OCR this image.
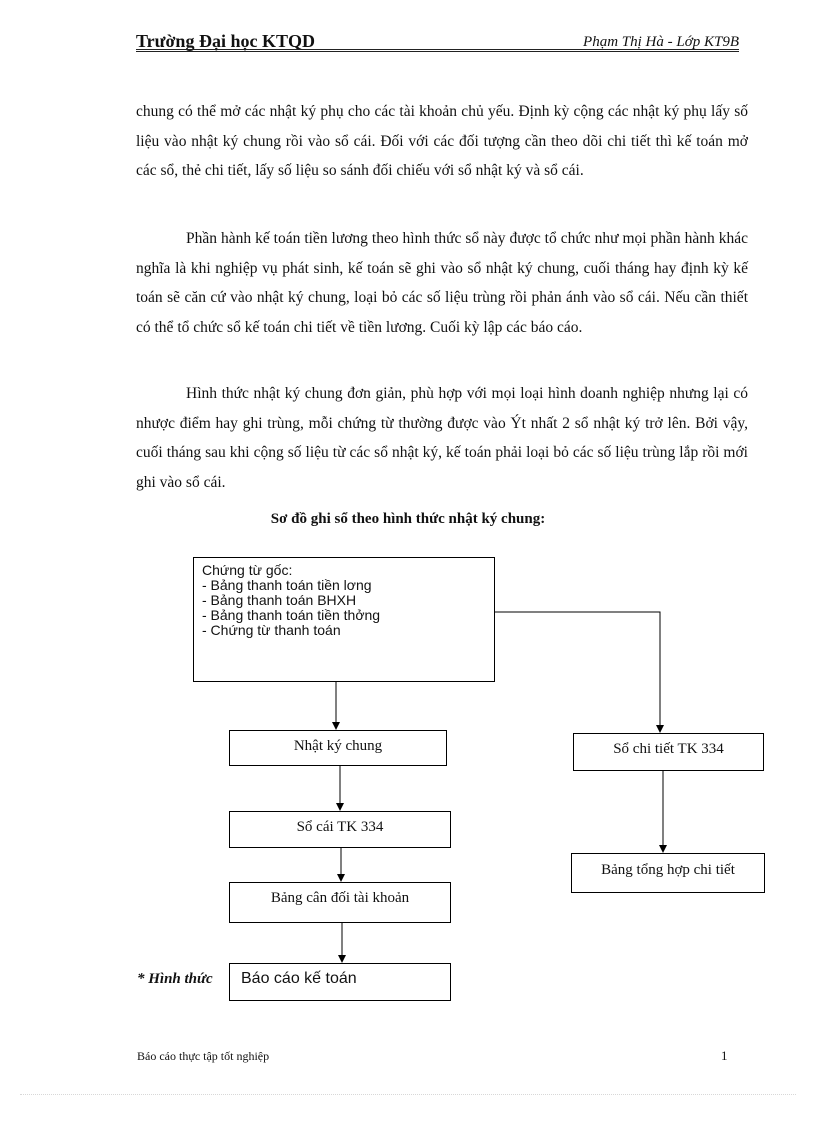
Trường Đại học KTQD	Phạm Thị Hà - Lớp KT9B

chung có thể mở các nhật ký phụ cho các tài khoản chủ yếu. Định kỳ cộng các nhật ký phụ lấy số liệu vào nhật ký chung rồi vào sổ cái. Đối với các đối tượng cần theo dõi chi tiết thì kế toán mở các sổ, thẻ chi tiết, lấy số liệu so sánh đối chiếu với sổ nhật ký và sổ cái.

Phần hành kế toán tiền lương theo hình thức sổ này được tổ chức như mọi phần hành khác nghĩa là khi nghiệp vụ phát sinh, kế toán sẽ ghi vào sổ nhật ký chung, cuối tháng hay định kỳ kế toán sẽ căn cứ vào nhật ký chung, loại bỏ các số liệu trùng rồi phản ánh vào sổ cái. Nếu cần thiết có thể tổ chức sổ kế toán chi tiết về tiền lương. Cuối kỳ lập các báo cáo.

Hình thức nhật ký chung đơn giản, phù hợp với mọi loại hình doanh nghiệp nhưng lại có nhược điểm hay ghi trùng, mỗi chứng từ thường được vào Ýt nhất 2 sổ nhật ký trở lên. Bởi vậy, cuối tháng sau khi cộng số liệu từ các sổ nhật ký, kế toán phải loại bỏ các số liệu trùng lắp rồi mới ghi vào sổ cái.

Sơ đồ ghi sổ theo hình thức nhật ký chung:
Chứng từ gốc:
- Bảng thanh toán tiền lơng
- Bảng thanh toán BHXH
- Bảng thanh toán tiền thởng
- Chứng từ thanh toán
Nhật ký chung
Sổ cái TK 334
Bảng cân đối tài khoản
Báo cáo kế toán
Sổ chi tiết TK 334
Bảng tổng hợp chi tiết
* Hình thức
Báo cáo thực tập tốt nghiệp	1
